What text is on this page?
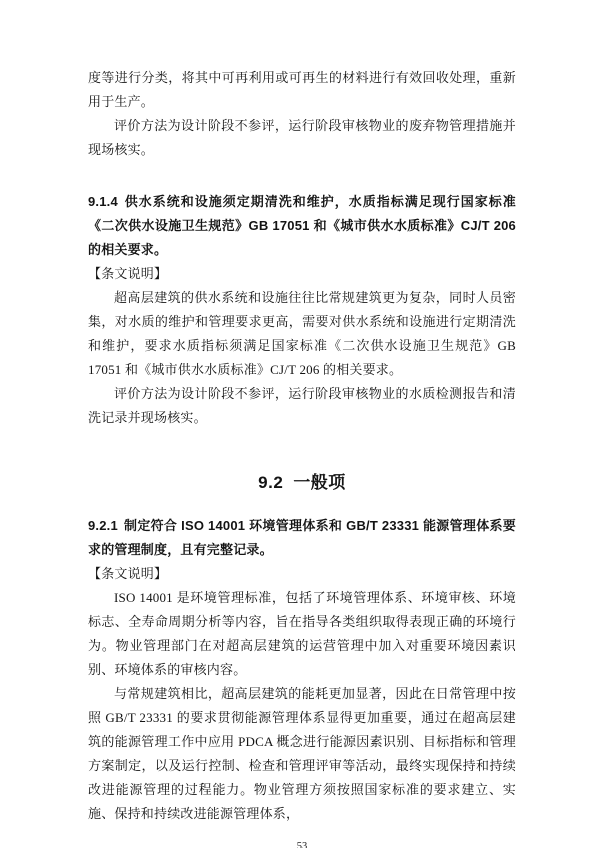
度等进行分类，将其中可再利用或可再生的材料进行有效回收处理，重新用于生产。

评价方法为设计阶段不参评，运行阶段审核物业的废弃物管理措施并现场核实。

9.1.4 供水系统和设施须定期清洗和维护，水质指标满足现行国家标准《二次供水设施卫生规范》GB 17051 和《城市供水水质标准》CJ/T 206 的相关要求。

【条文说明】

超高层建筑的供水系统和设施往往比常规建筑更为复杂，同时人员密集，对水质的维护和管理要求更高，需要对供水系统和设施进行定期清洗和维护，要求水质指标须满足国家标准《二次供水设施卫生规范》GB 17051 和《城市供水水质标准》CJ/T 206 的相关要求。

评价方法为设计阶段不参评，运行阶段审核物业的水质检测报告和清洗记录并现场核实。

9.2 一般项

9.2.1 制定符合 ISO 14001 环境管理体系和 GB/T 23331 能源管理体系要求的管理制度，且有完整记录。

【条文说明】

ISO 14001 是环境管理标准，包括了环境管理体系、环境审核、环境标志、全寿命周期分析等内容，旨在指导各类组织取得表现正确的环境行为。物业管理部门在对超高层建筑的运营管理中加入对重要环境因素识别、环境体系的审核内容。

与常规建筑相比，超高层建筑的能耗更加显著，因此在日常管理中按照 GB/T 23331 的要求贯彻能源管理体系显得更加重要，通过在超高层建筑的能源管理工作中应用 PDCA 概念进行能源因素识别、目标指标和管理方案制定，以及运行控制、检查和管理评审等活动，最终实现保持和持续改进能源管理的过程能力。物业管理方须按照国家标准的要求建立、实施、保持和持续改进能源管理体系，

53
